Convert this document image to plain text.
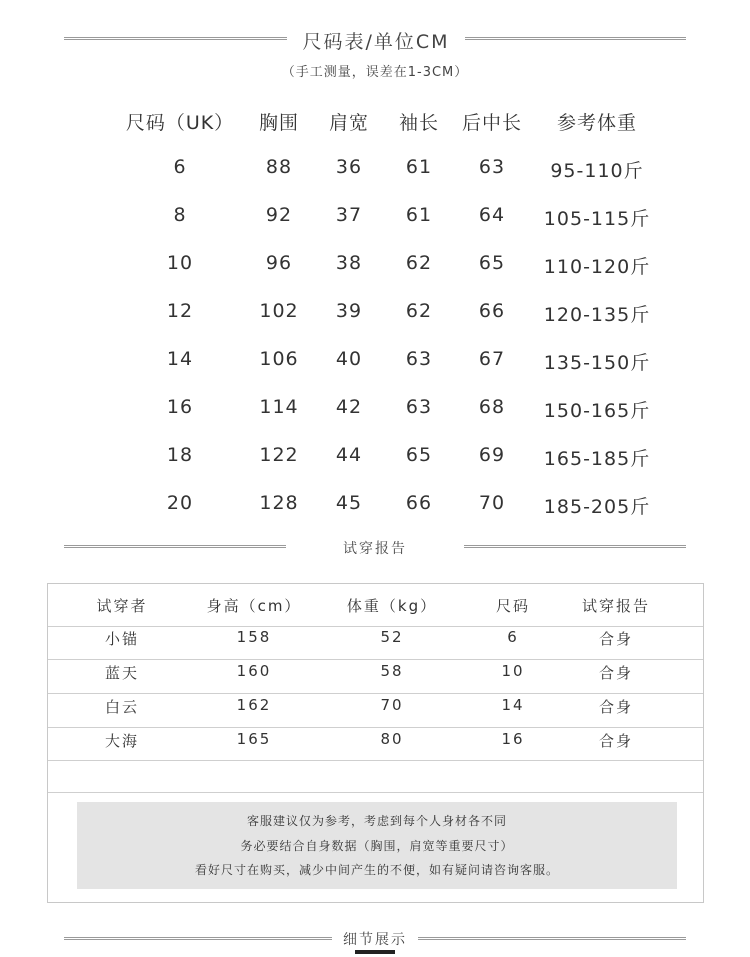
尺码表/单位CM
（手工测量，误差在1-3CM）
尺码（UK） 胸围 肩宽 袖长 后中长 参考体重
6	88 36 61 63 95-110斤
8	92 37 61 64 105-115斤
10	96 38 62 65 110-120斤
12	102 39 62 66 120-135斤
14	106 40 63 67 135-150斤
16	114 42 63 68 150-165斤
18	122 44 65 69 165-185斤
20	128 45 66 70 185-205斤
试穿报告
试穿者	身高（cm）	体重（kg）	尺码	试穿报告
小锚	158	52	6	合身
蓝天	160	58	10	合身
白云	162	70	14	合身
大海	165	80	16	合身

客服建议仅为参考，考虑到每个人身材各不同

务必要结合自身数据（胸围，肩宽等重要尺寸）

看好尺寸在购买，减少中间产生的不便，如有疑问请咨询客服。

细节展示
